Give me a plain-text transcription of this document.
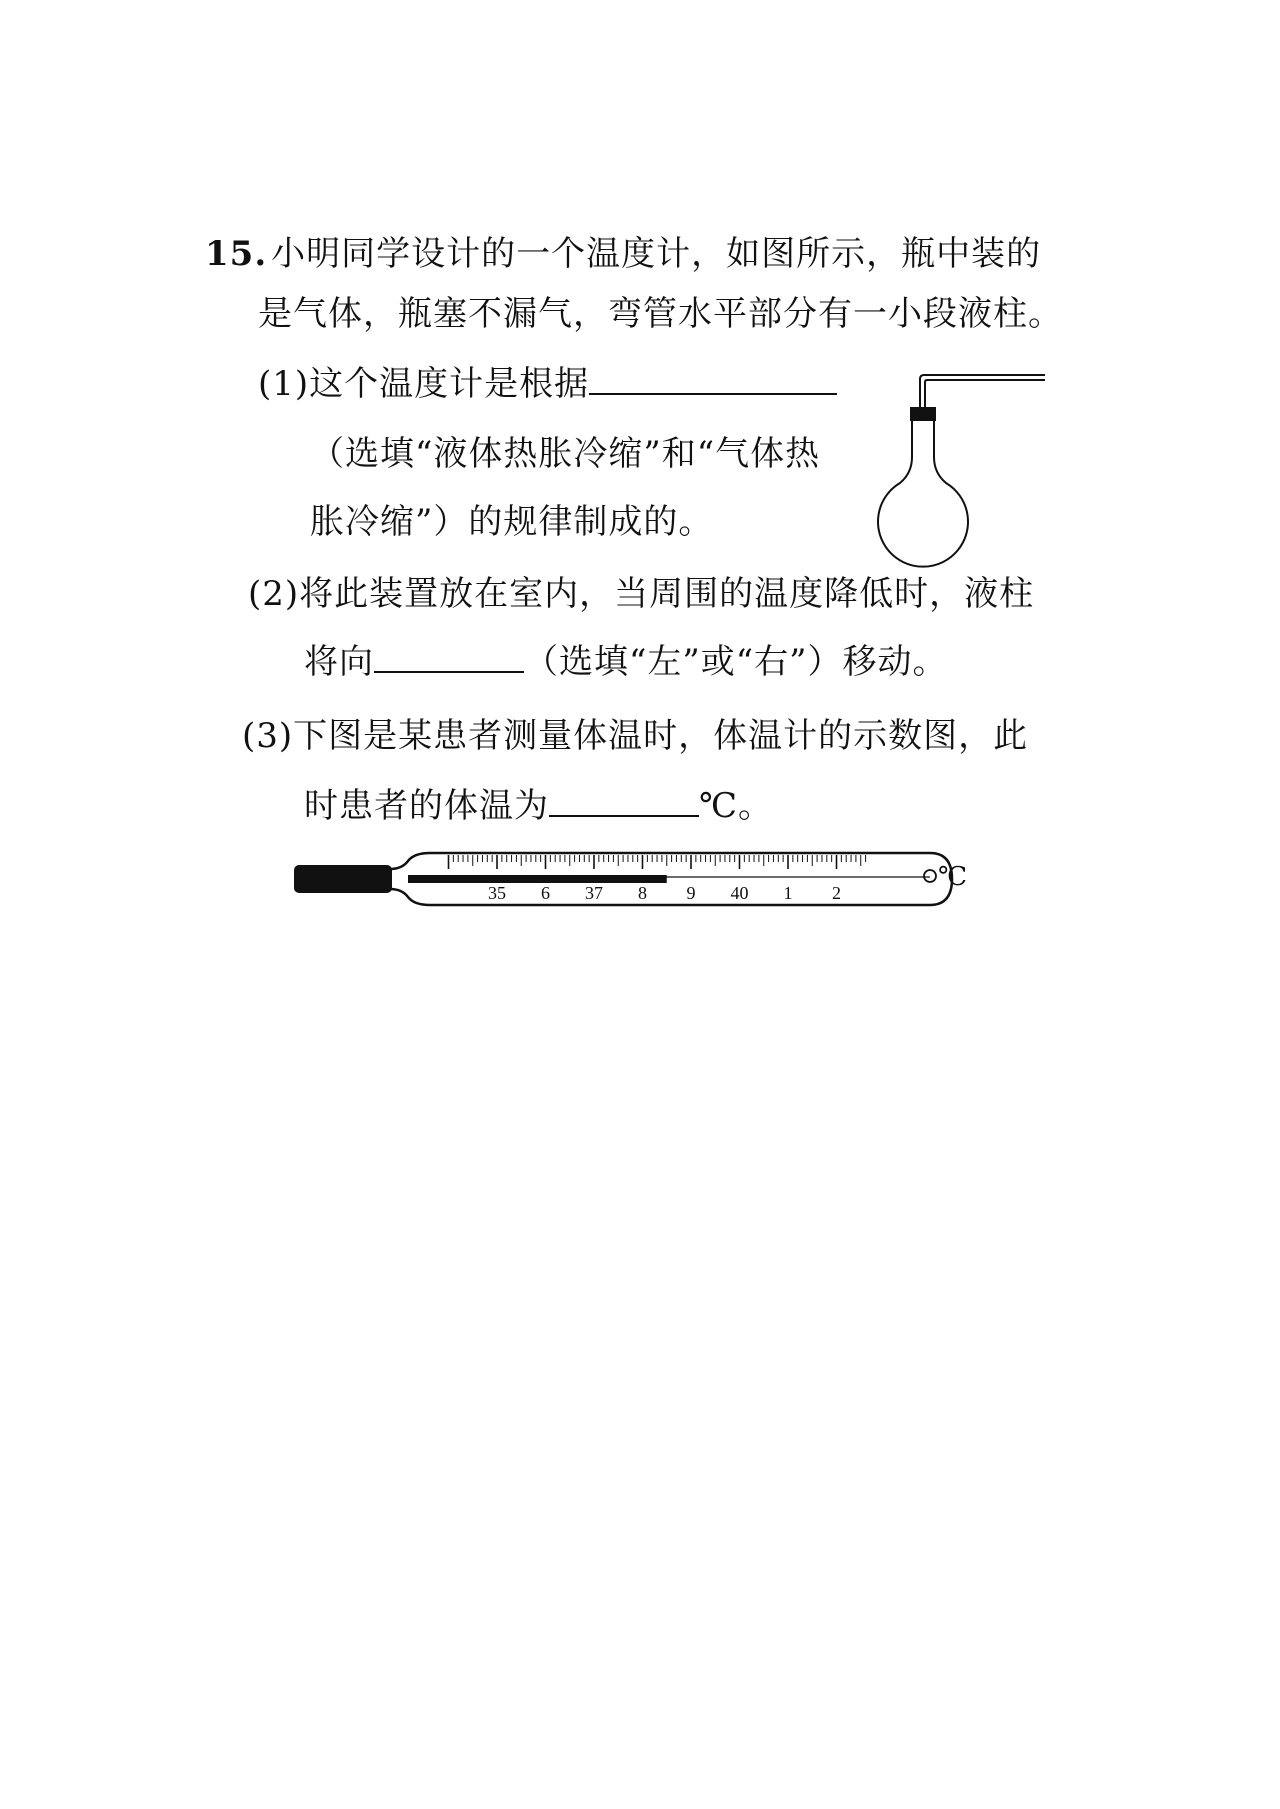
15. 小明同学设计的一个温度计，如图所示，瓶中装的
是气体，瓶塞不漏气，弯管水平部分有一小段液柱。
(1)这个温度计是根据
（选填“液体热胀冷缩”和“气体热
胀冷缩”）的规律制成的。
(2)将此装置放在室内，当周围的温度降低时，液柱
将向	（选填“左”或“右”）移动。
(3)下图是某患者测量体温时，体温计的示数图，此
时患者的体温为	℃。
35 6 37 8 9 40 1 2
℃
